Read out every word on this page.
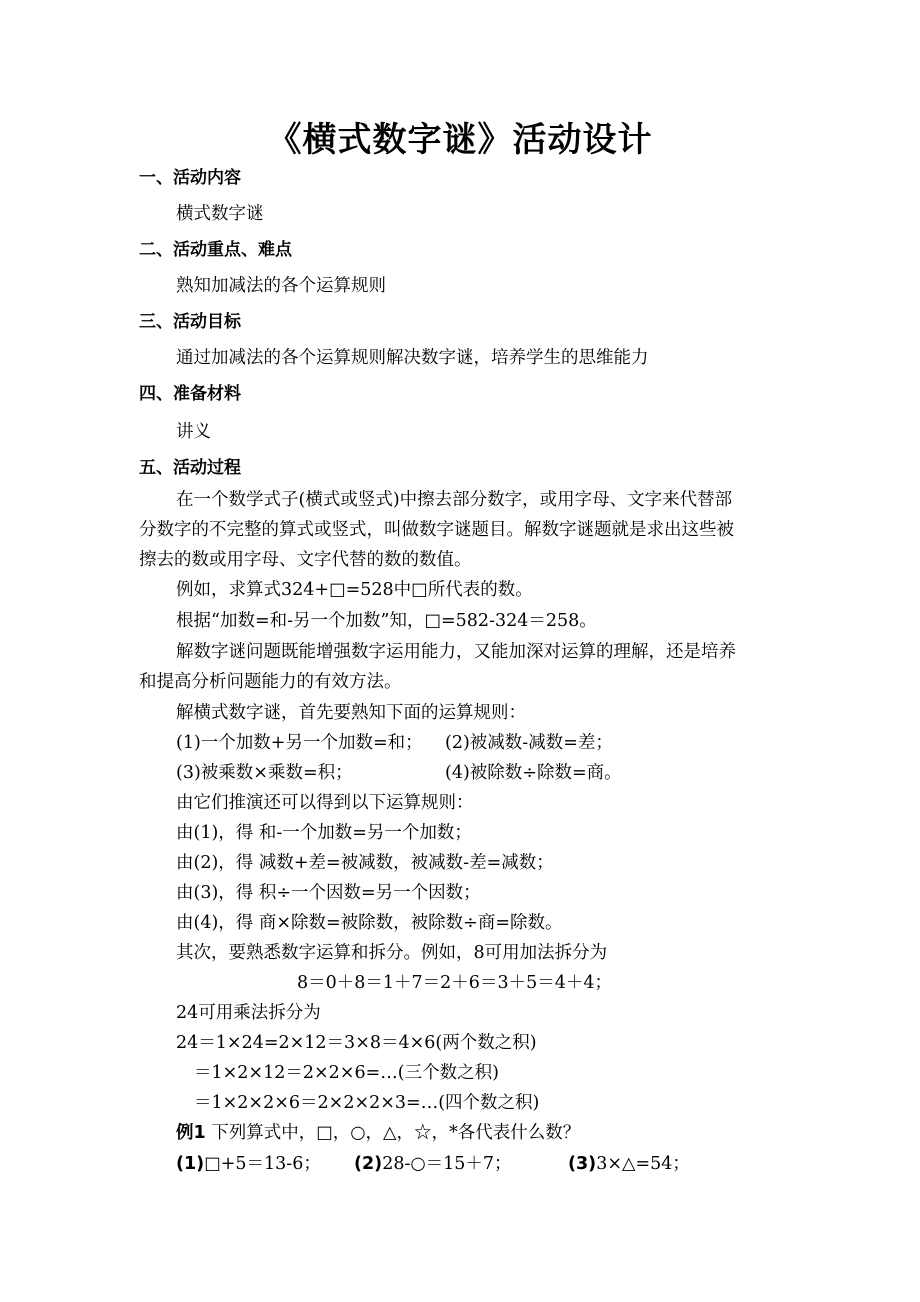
《横式数字谜》活动设计
一、活动内容
横式数字谜
二、活动重点、难点
熟知加减法的各个运算规则
三、活动目标
通过加减法的各个运算规则解决数字谜，培养学生的思维能力
四、准备材料
讲义
五、活动过程
在一个数学式子(横式或竖式)中擦去部分数字，或用字母、文字来代替部
分数字的不完整的算式或竖式，叫做数字谜题目。解数字谜题就是求出这些被
擦去的数或用字母、文字代替的数的数值。
例如，求算式324+□=528中□所代表的数。
根据“加数=和-另一个加数”知，□=582-324＝258。
解数字谜问题既能增强数字运用能力，又能加深对运算的理解，还是培养
和提高分析问题能力的有效方法。
解横式数字谜，首先要熟知下面的运算规则：
(1)一个加数+另一个加数=和； (2)被减数-减数=差；
(3)被乘数×乘数=积；	(4)被除数÷除数=商。
由它们推演还可以得到以下运算规则：
由(1)，得 和-一个加数=另一个加数；
由(2)，得 减数+差=被减数，被减数-差=减数；
由(3)，得 积÷一个因数=另一个因数；
由(4)，得 商×除数=被除数，被除数÷商=除数。
其次，要熟悉数字运算和拆分。例如，8可用加法拆分为
8＝0＋8＝1＋7＝2＋6＝3＋5＝4＋4；
24可用乘法拆分为
24＝1×24=2×12＝3×8＝4×6(两个数之积)
＝1×2×12＝2×2×6=…(三个数之积)
＝1×2×2×6＝2×2×2×3=…(四个数之积)
例1 下列算式中，□，○，△，☆，*各代表什么数？
(1)□+5＝13-6； (2)28-○＝15＋7；	(3)3×△=54；
